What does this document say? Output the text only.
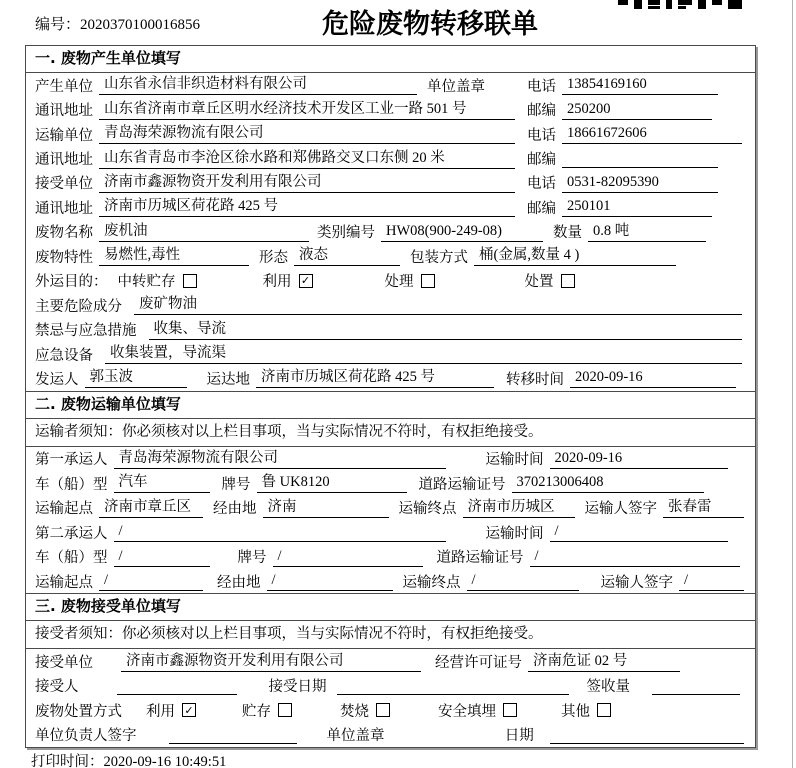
编号：2020370100016856	危险废物转移联单
一. 废物产生单位填写
产生单位 山东省永信非织造材料有限公司	单位盖章	电话 13854169160
通讯地址 山东省济南市章丘区明水经济技术开发区工业一路 501 号	邮编 250200
运输单位 青岛海荣源物流有限公司	电话 18661672606
通讯地址 山东省青岛市李沧区徐水路和郑佛路交叉口东侧 20 米	邮编
接受单位 济南市鑫源物资开发利用有限公司	电话 0531-82095390
通讯地址 济南市历城区荷花路 425 号	邮编 250101
废物名称 废机油	类别编号 HW08(900-249-08)	数量 0.8 吨
废物特性 易燃性,毒性	形态 液态	包装方式 桶(金属,数量 4 )
外运目的： 中转贮存	利用 ✓	处理	处置
主要危险成分	废矿物油
禁忌与应急措施	收集、导流
应急设备	收集装置，导流渠
发运人 郭玉波	运达地 济南市历城区荷花路 425 号	转移时间 2020-09-16
二. 废物运输单位填写
运输者须知：你必须核对以上栏目事项，当与实际情况不符时，有权拒绝接受。
第一承运人 青岛海荣源物流有限公司	运输时间 2020-09-16
车（船）型 汽车	牌号 鲁 UK8120	道路运输证号 370213006408
运输起点 济南市章丘区	经由地 济南	运输终点 济南市历城区	运输人签字 张春雷
第二承运人 /	运输时间 /
车（船）型 /	牌号 /	道路运输证号 /
运输起点 /	经由地 /	运输终点 /	运输人签字 /
三. 废物接受单位填写
接受者须知：你必须核对以上栏目事项，当与实际情况不符时，有权拒绝接受。
接受单位	济南市鑫源物资开发利用有限公司	经营许可证号 济南危证 02 号
接受人	接受日期	签收量
废物处置方式 利用 ✓	贮存	焚烧	安全填埋	其他
单位负责人签字	单位盖章	日期
打印时间：2020-09-16 10:49:51
